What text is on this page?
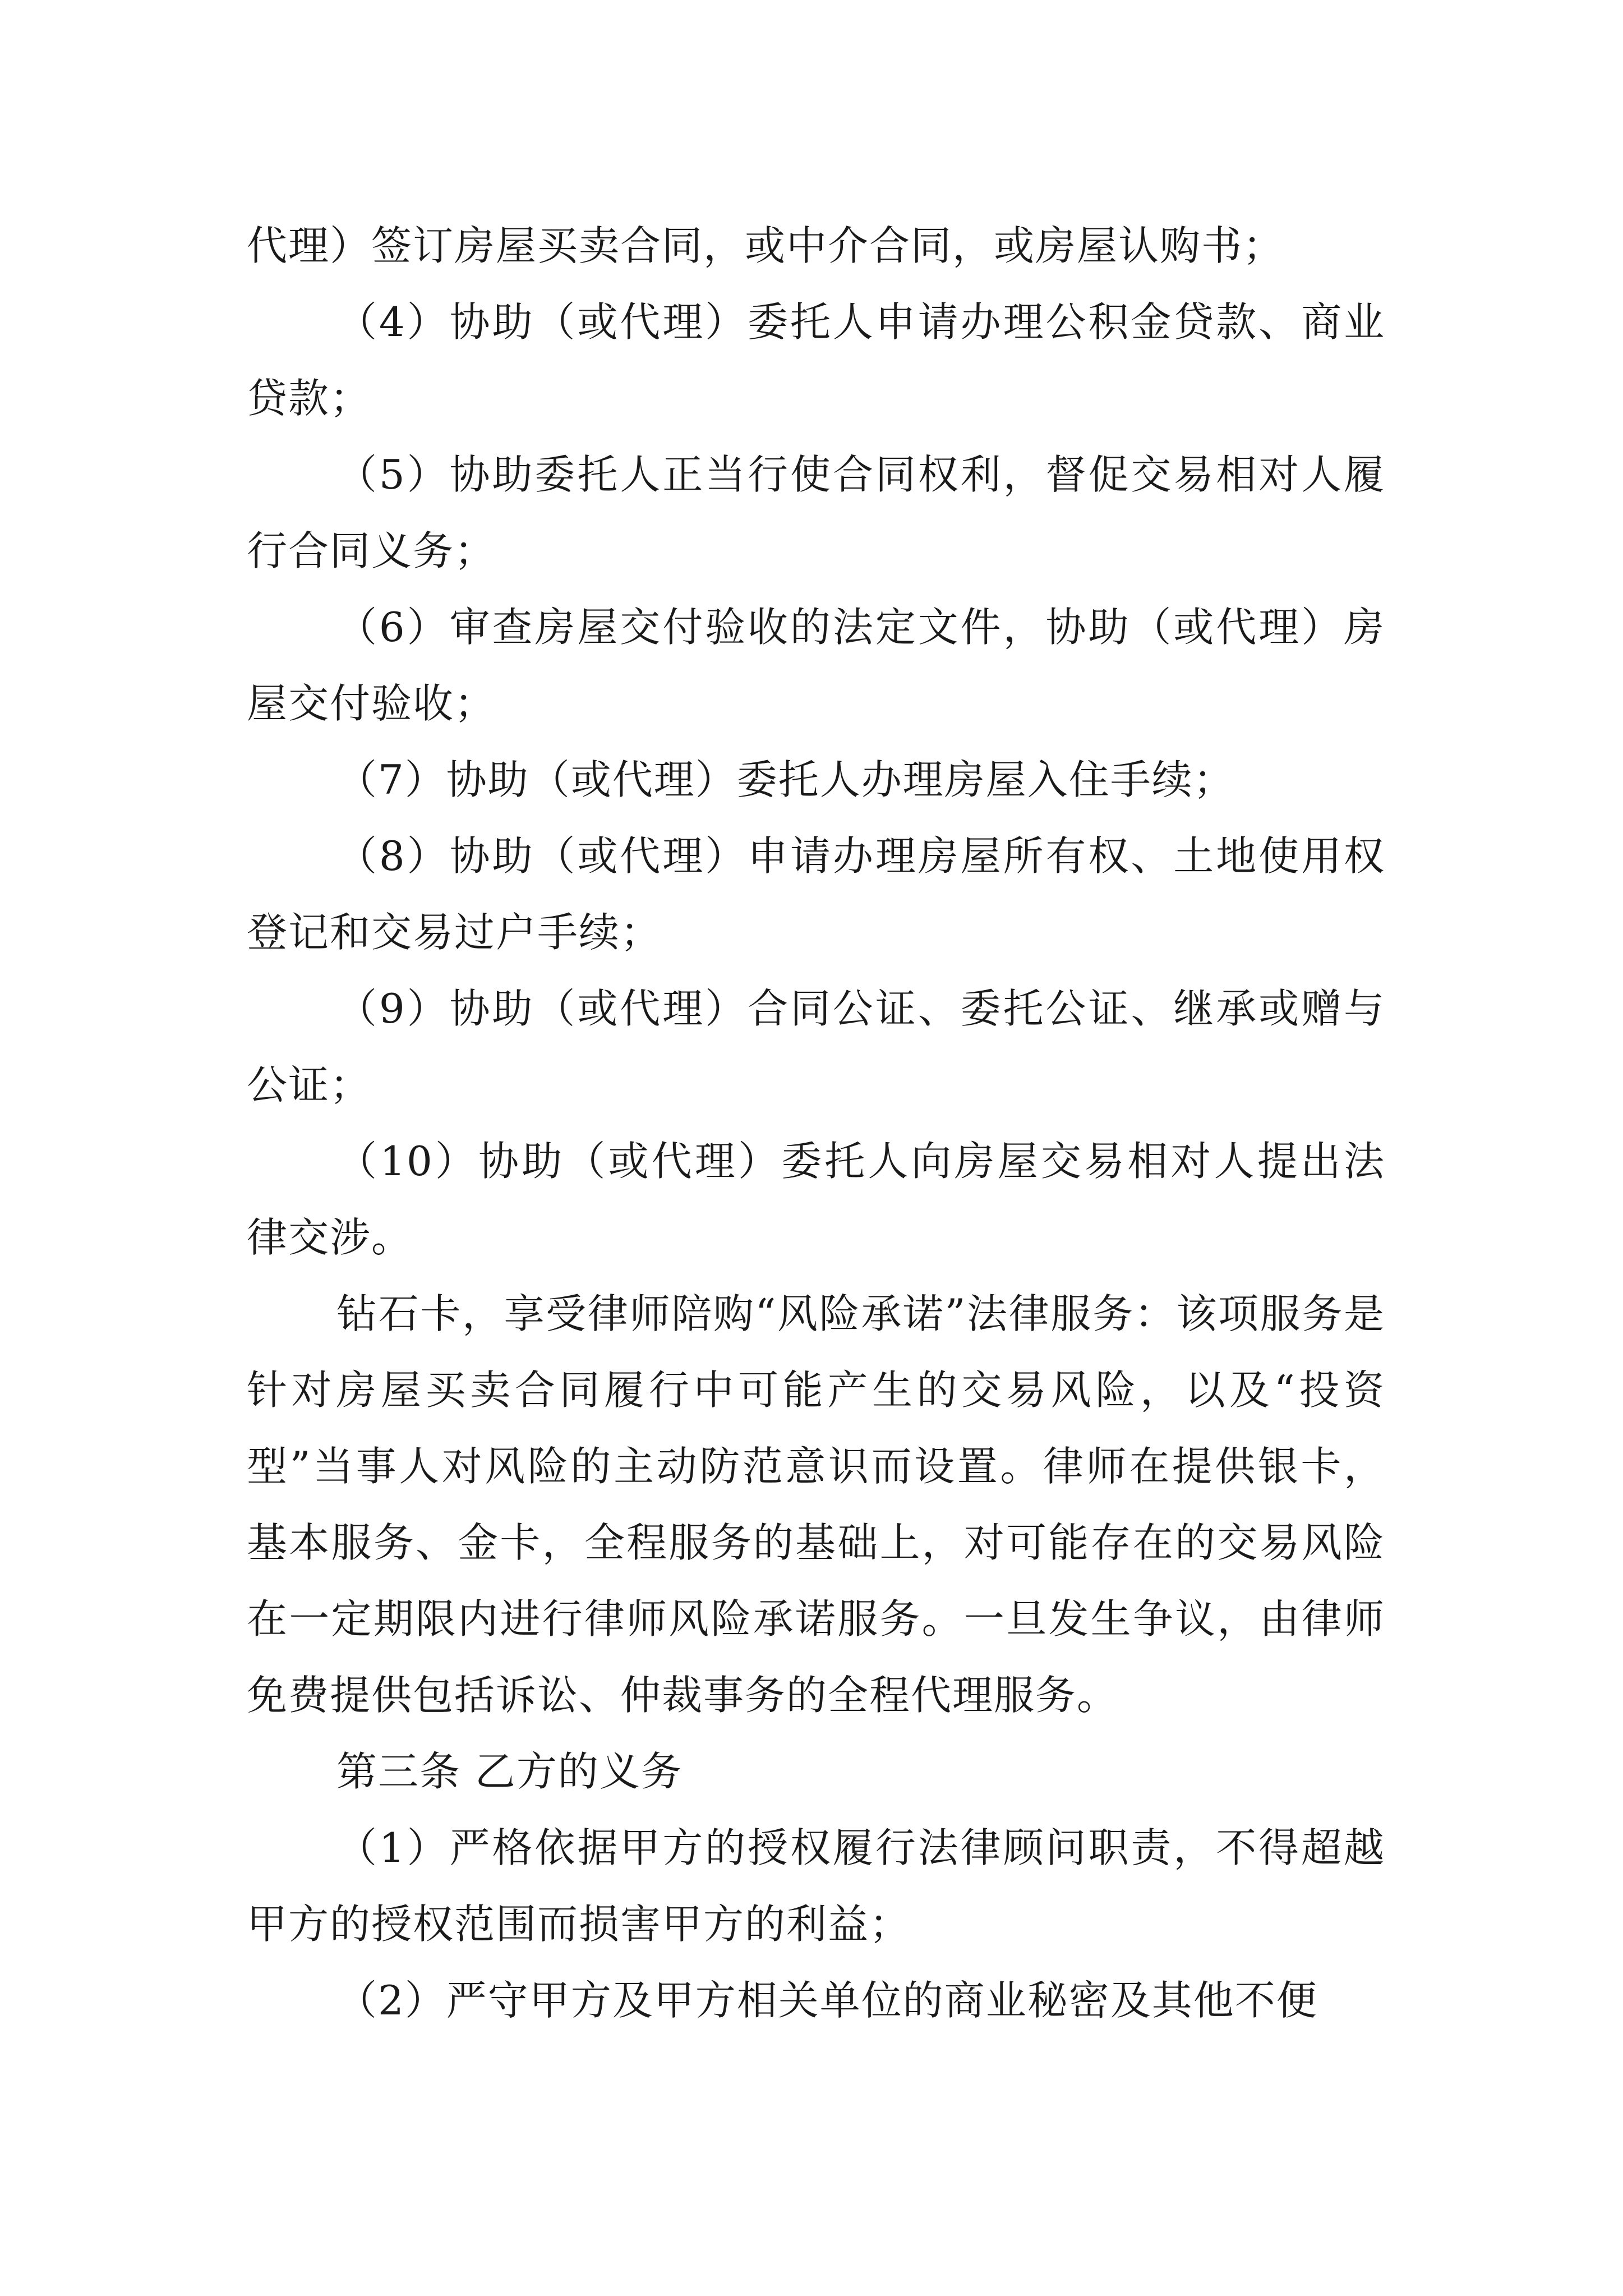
代理）签订房屋买卖合同，或中介合同，或房屋认购书；

（4）协助（或代理）委托人申请办理公积金贷款、商业贷款；

（5）协助委托人正当行使合同权利，督促交易相对人履行合同义务；

（6）审查房屋交付验收的法定文件，协助（或代理）房屋交付验收；

（7）协助（或代理）委托人办理房屋入住手续；

（8）协助（或代理）申请办理房屋所有权、土地使用权登记和交易过户手续；

（9）协助（或代理）合同公证、委托公证、继承或赠与公证；

（10）协助（或代理）委托人向房屋交易相对人提出法律交涉。

钻石卡，享受律师陪购“风险承诺”法律服务：该项服务是针对房屋买卖合同履行中可能产生的交易风险，以及“投资型”当事人对风险的主动防范意识而设置。律师在提供银卡，基本服务、金卡，全程服务的基础上，对可能存在的交易风险在一定期限内进行律师风险承诺服务。一旦发生争议，由律师免费提供包括诉讼、仲裁事务的全程代理服务。

第三条 乙方的义务

（1）严格依据甲方的授权履行法律顾问职责，不得超越甲方的授权范围而损害甲方的利益；

（2）严守甲方及甲方相关单位的商业秘密及其他不便
